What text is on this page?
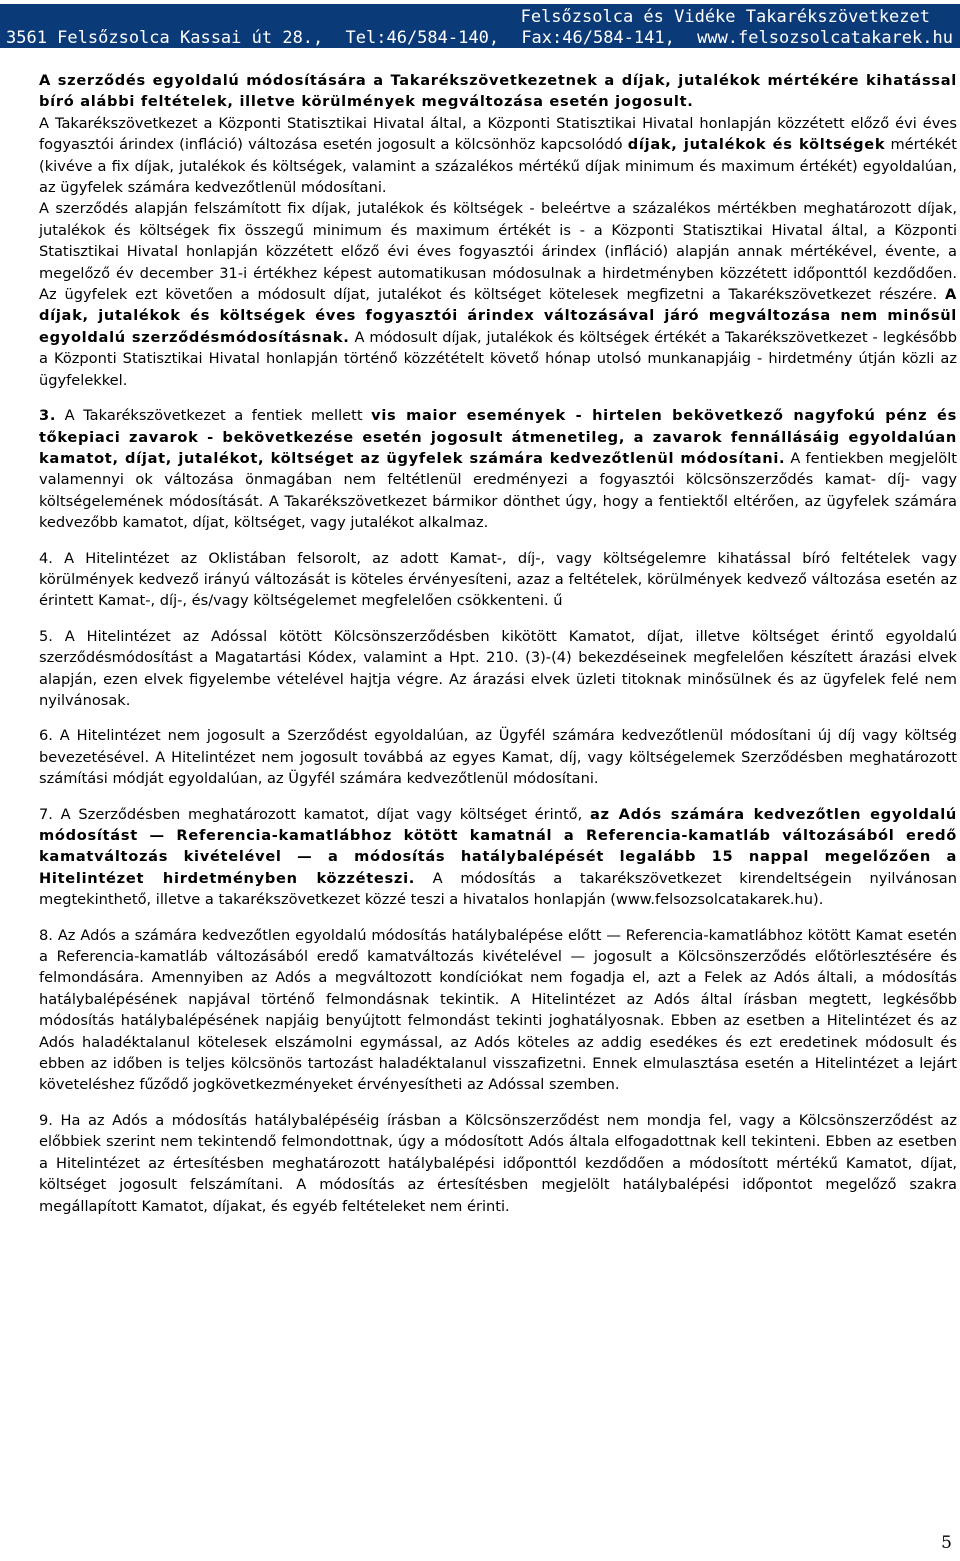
Felsőzsolca és Vidéke Takarékszövetkezet
3561 Felsőzsolca Kassai út 28., Tel:46/584-140, Fax:46/584-141, www.felsozsolcatakarek.hu

A szerződés egyoldalú módosítására a Takarékszövetkezetnek a díjak, jutalékok mértékére kihatással bíró alábbi feltételek, illetve körülmények megváltozása esetén jogosult.

A Takarékszövetkezet a Központi Statisztikai Hivatal által, a Központi Statisztikai Hivatal honlapján közzétett előző évi éves fogyasztói árindex (infláció) változása esetén jogosult a kölcsönhöz kapcsolódó díjak, jutalékok és költségek mértékét (kivéve a fix díjak, jutalékok és költségek, valamint a százalékos mértékű díjak minimum és maximum értékét) egyoldalúan, az ügyfelek számára kedvezőtlenül módosítani.

A szerződés alapján felszámított fix díjak, jutalékok és költségek - beleértve a százalékos mértékben meghatározott díjak, jutalékok és költségek fix összegű minimum és maximum értékét is - a Központi Statisztikai Hivatal által, a Központi Statisztikai Hivatal honlapján közzétett előző évi éves fogyasztói árindex (infláció) alapján annak mértékével, évente, a megelőző év december 31-i értékhez képest automatikusan módosulnak a hirdetményben közzétett időponttól kezdődően. Az ügyfelek ezt követően a módosult díjat, jutalékot és költséget kötelesek megfizetni a Takarékszövetkezet részére. A díjak, jutalékok és költségek éves fogyasztói árindex változásával járó megváltozása nem minősül egyoldalú szerződésmódosításnak. A módosult díjak, jutalékok és költségek értékét a Takarékszövetkezet - legkésőbb a Központi Statisztikai Hivatal honlapján történő közzétételt követő hónap utolsó munkanapjáig - hirdetmény útján közli az ügyfelekkel.

3. A Takarékszövetkezet a fentiek mellett vis maior események - hirtelen bekövetkező nagyfokú pénz és tőkepiaci zavarok - bekövetkezése esetén jogosult átmenetileg, a zavarok fennállásáig egyoldalúan kamatot, díjat, jutalékot, költséget az ügyfelek számára kedvezőtlenül módosítani. A fentiekben megjelölt valamennyi ok változása önmagában nem feltétlenül eredményezi a fogyasztói kölcsönszerződés kamat- díj- vagy költségelemének módosítását. A Takarékszövetkezet bármikor dönthet úgy, hogy a fentiektől eltérően, az ügyfelek számára kedvezőbb kamatot, díjat, költséget, vagy jutalékot alkalmaz.

4. A Hitelintézet az Oklistában felsorolt, az adott Kamat-, díj-, vagy költségelemre kihatással bíró feltételek vagy körülmények kedvező irányú változását is köteles érvényesíteni, azaz a feltételek, körülmények kedvező változása esetén az érintett Kamat-, díj-, és/vagy költségelemet megfelelően csökkenteni. ű

5. A Hitelintézet az Adóssal kötött Kölcsönszerződésben kikötött Kamatot, díjat, illetve költséget érintő egyoldalú szerződésmódosítást a Magatartási Kódex, valamint a Hpt. 210. (3)-(4) bekezdéseinek megfelelően készített árazási elvek alapján, ezen elvek figyelembe vételével hajtja végre. Az árazási elvek üzleti titoknak minősülnek és az ügyfelek felé nem nyilvánosak.

6. A Hitelintézet nem jogosult a Szerződést egyoldalúan, az Ügyfél számára kedvezőtlenül módosítani új díj vagy költség bevezetésével. A Hitelintézet nem jogosult továbbá az egyes Kamat, díj, vagy költségelemek Szerződésben meghatározott számítási módját egyoldalúan, az Ügyfél számára kedvezőtlenül módosítani.

7. A Szerződésben meghatározott kamatot, díjat vagy költséget érintő, az Adós számára kedvezőtlen egyoldalú módosítást — Referencia-kamatlábhoz kötött kamatnál a Referencia-kamatláb változásából eredő kamatváltozás kivételével — a módosítás hatálybalépését legalább 15 nappal megelőzően a Hitelintézet hirdetményben közzéteszi. A módosítás a takarékszövetkezet kirendeltségein nyilvánosan megtekinthető, illetve a takarékszövetkezet közzé teszi a hivatalos honlapján (www.felsozsolcatakarek.hu).

8. Az Adós a számára kedvezőtlen egyoldalú módosítás hatálybalépése előtt — Referencia-kamatlábhoz kötött Kamat esetén a Referencia-kamatláb változásából eredő kamatváltozás kivételével — jogosult a Kölcsönszerződés előtörlesztésére és felmondására. Amennyiben az Adós a megváltozott kondíciókat nem fogadja el, azt a Felek az Adós általi, a módosítás hatálybalépésének napjával történő felmondásnak tekintik. A Hitelintézet az Adós által írásban megtett, legkésőbb módosítás hatálybalépésének napjáig benyújtott felmondást tekinti joghatályosnak. Ebben az esetben a Hitelintézet és az Adós haladéktalanul kötelesek elszámolni egymással, az Adós köteles az addig esedékes és ezt eredetinek módosult és ebben az időben is teljes kölcsönös tartozást haladéktalanul visszafizetni. Ennek elmulasztása esetén a Hitelintézet a lejárt követeléshez fűződő jogkövetkezményeket érvényesítheti az Adóssal szemben.

9. Ha az Adós a módosítás hatálybalépéséig írásban a Kölcsönszerződést nem mondja fel, vagy a Kölcsönszerződést az előbbiek szerint nem tekintendő felmondottnak, úgy a módosított Adós általa elfogadottnak kell tekinteni. Ebben az esetben a Hitelintézet az értesítésben meghatározott hatálybalépési időponttól kezdődően a módosított mértékű Kamatot, díjat, költséget jogosult felszámítani. A módosítás az értesítésben megjelölt hatálybalépési időpontot megelőző szakra megállapított Kamatot, díjakat, és egyéb feltételeket nem érinti.

5
